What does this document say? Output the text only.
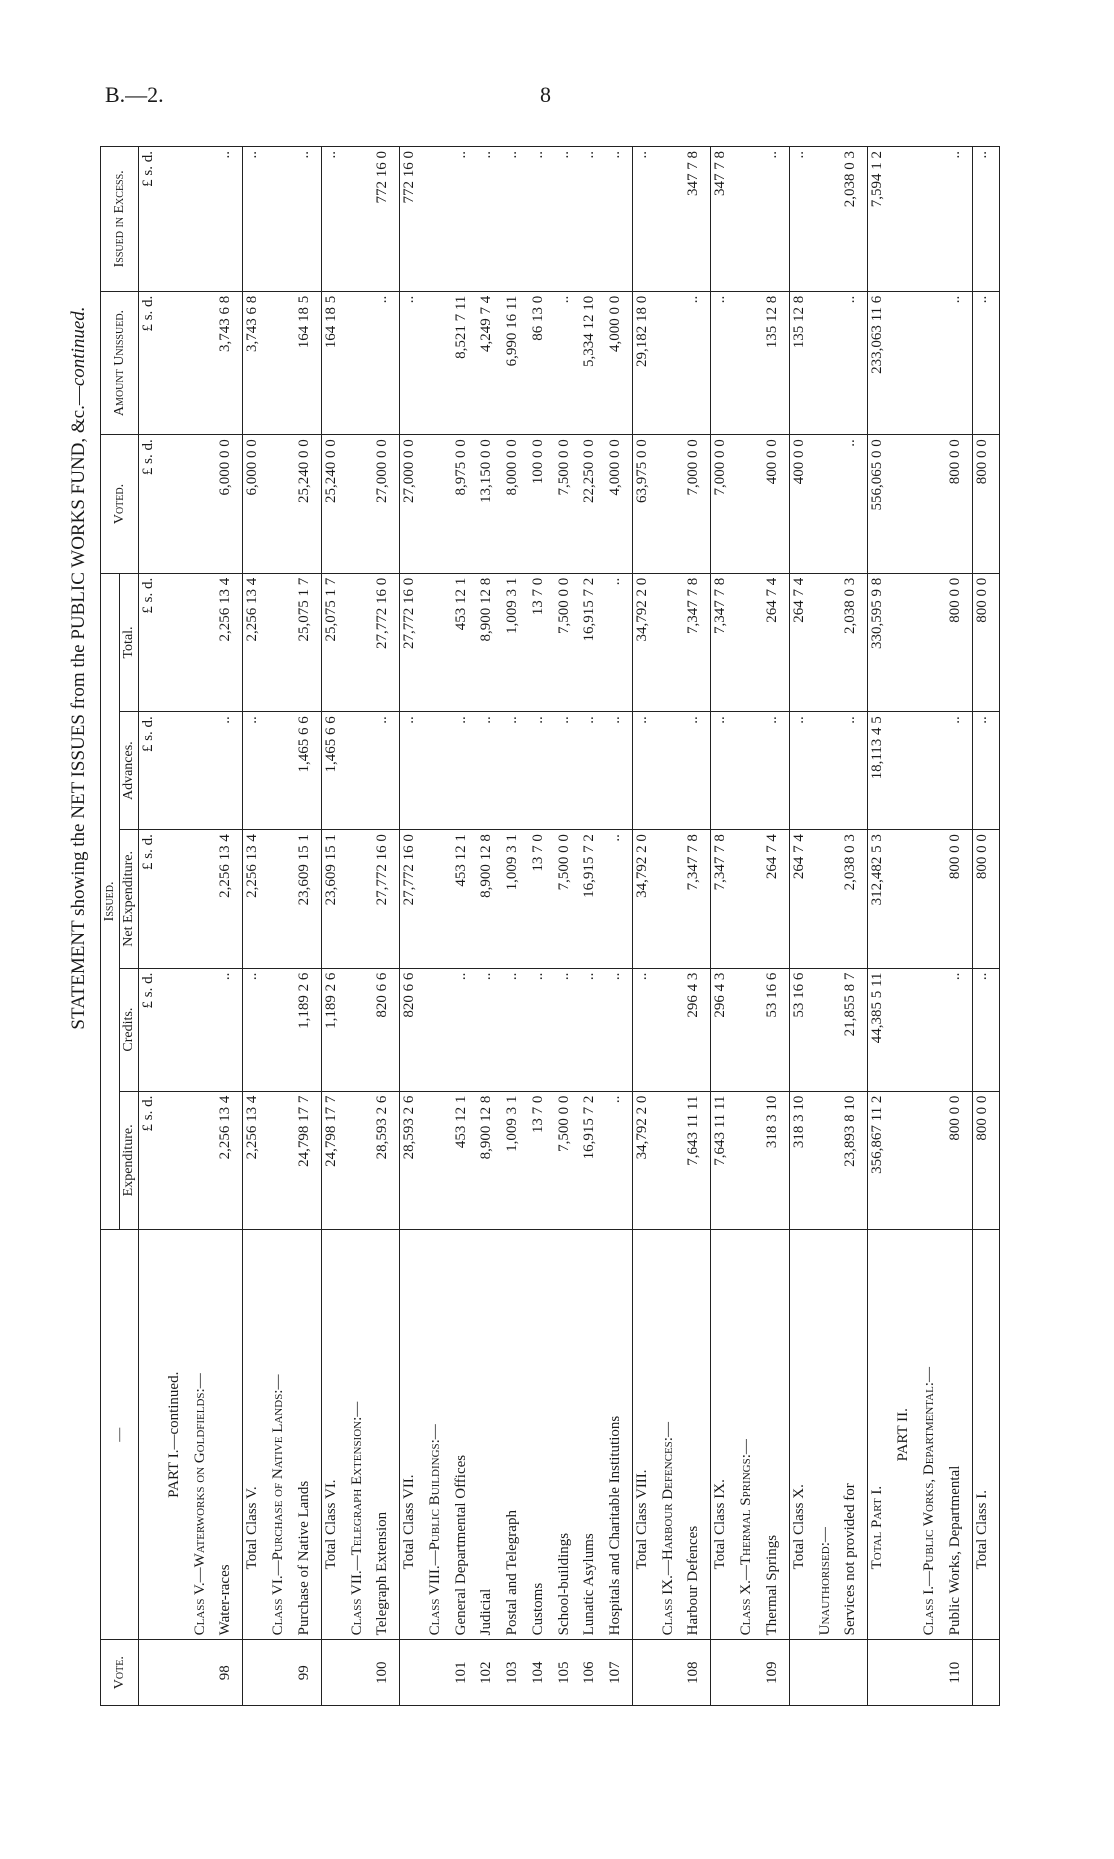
B.—2.	8
STATEMENT showing the NET ISSUES from the PUBLIC WORKS FUND, &c.—continued.
Vote.	—	Issued.					Voted.	Amount Unissued.	Issued in Excess.
		Expenditure.	Credits.	Net Expenditure.	Advances.	Total.			
		£ s. d.	£ s. d.	£ s. d.	£ s. d.	£ s. d.	£ s. d.	£ s. d.	£ s. d.
	PART I.—continued.								
	Class V.—Waterworks on Goldfields:—								
98	Water-races	2,256 13 4	..	2,256 13 4	..	2,256 13 4	6,000 0 0	3,743 6 8	..
	Total Class V.	2,256 13 4	..	2,256 13 4	..	2,256 13 4	6,000 0 0	3,743 6 8	..
	Class VI.—Purchase of Native Lands:—								
99	Purchase of Native Lands	24,798 17 7	1,189 2 6	23,609 15 1	1,465 6 6	25,075 1 7	25,240 0 0	164 18 5	..
	Total Class VI.	24,798 17 7	1,189 2 6	23,609 15 1	1,465 6 6	25,075 1 7	25,240 0 0	164 18 5	..
	Class VII.—Telegraph Extension:—								
100	Telegraph Extension	28,593 2 6	820 6 6	27,772 16 0	..	27,772 16 0	27,000 0 0	..	772 16 0
	Total Class VII.	28,593 2 6	820 6 6	27,772 16 0	..	27,772 16 0	27,000 0 0	..	772 16 0
	Class VIII.—Public Buildings:—								
101	General Departmental Offices	453 12 1	..	453 12 1	..	453 12 1	8,975 0 0	8,521 7 11	..
102	Judicial	8,900 12 8	..	8,900 12 8	..	8,900 12 8	13,150 0 0	4,249 7 4	..
103	Postal and Telegraph	1,009 3 1	..	1,009 3 1	..	1,009 3 1	8,000 0 0	6,990 16 11	..
104	Customs	13 7 0	..	13 7 0	..	13 7 0	100 0 0	86 13 0	..
105	School-buildings	7,500 0 0	..	7,500 0 0	..	7,500 0 0	7,500 0 0	..	..
106	Lunatic Asylums	16,915 7 2	..	16,915 7 2	..	16,915 7 2	22,250 0 0	5,334 12 10	..
107	Hospitals and Charitable Institutions	..	..	..	..	..	4,000 0 0	4,000 0 0	..
	Total Class VIII.	34,792 2 0	..	34,792 2 0	..	34,792 2 0	63,975 0 0	29,182 18 0	..
	Class IX.—Harbour Defences:—								
108	Harbour Defences	7,643 11 11	296 4 3	7,347 7 8	..	7,347 7 8	7,000 0 0	..	347 7 8
	Total Class IX.	7,643 11 11	296 4 3	7,347 7 8	..	7,347 7 8	7,000 0 0	..	347 7 8
	Class X.—Thermal Springs:—								
109	Thermal Springs	318 3 10	53 16 6	264 7 4	..	264 7 4	400 0 0	135 12 8	..
	Total Class X.	318 3 10	53 16 6	264 7 4	..	264 7 4	400 0 0	135 12 8	..
	Unauthorised:—								
	Services not provided for	23,893 8 10	21,855 8 7	2,038 0 3	..	2,038 0 3	..	..	2,038 0 3
	Total Part I.	356,867 11 2	44,385 5 11	312,482 5 3	18,113 4 5	330,595 9 8	556,065 0 0	233,063 11 6	7,594 1 2
	PART II.								
	Class I.—Public Works, Departmental:—								
110	Public Works, Departmental	800 0 0	..	800 0 0	..	800 0 0	800 0 0	..	..
	Total Class I.	800 0 0	..	800 0 0	..	800 0 0	800 0 0	..	..
